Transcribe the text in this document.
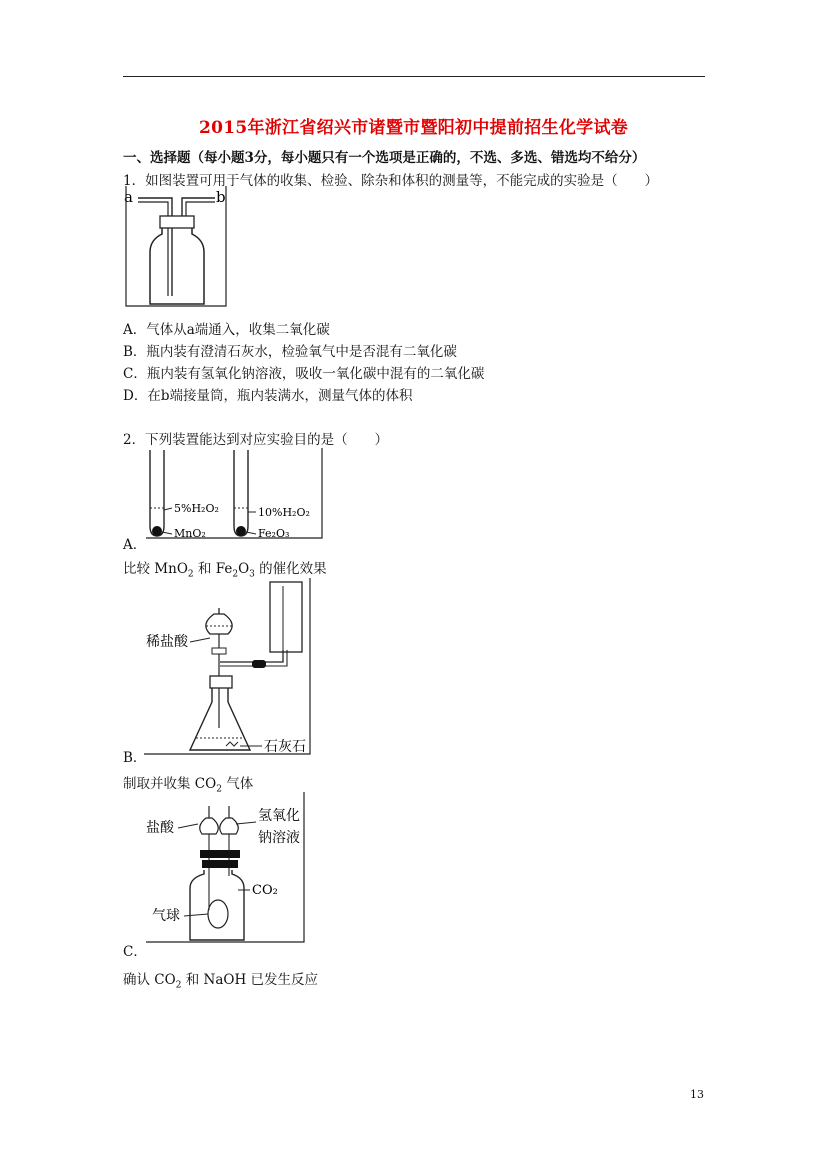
2015年浙江省绍兴市诸暨市暨阳初中提前招生化学试卷
一、选择题（每小题3分，每小题只有一个选项是正确的，不选、多选、错选均不给分）
1．如图装置可用于气体的收集、检验、除杂和体积的测量等，不能完成的实验是（　　）
a	b
A．气体从a端通入，收集二氧化碳
B．瓶内装有澄清石灰水，检验氧气中是否混有二氧化碳
C．瓶内装有氢氧化钠溶液，吸收一氧化碳中混有的二氧化碳
D．在b端接量筒，瓶内装满水，测量气体的体积
2．下列装置能达到对应实验目的是（　　）
5%H₂O₂
MnO₂
10%H₂O₂
Fe₂O₃
A．
比较 MnO$_2$ 和 $Fe_2O_3$ 的催化效果
稀盐酸
石灰石
B．
制取并收集 $CO_2$ 气体
盐酸
氢氧化
钠溶液
CO₂
气球
C．
确认 $CO_2$ 和 NaOH 已发生反应
13
